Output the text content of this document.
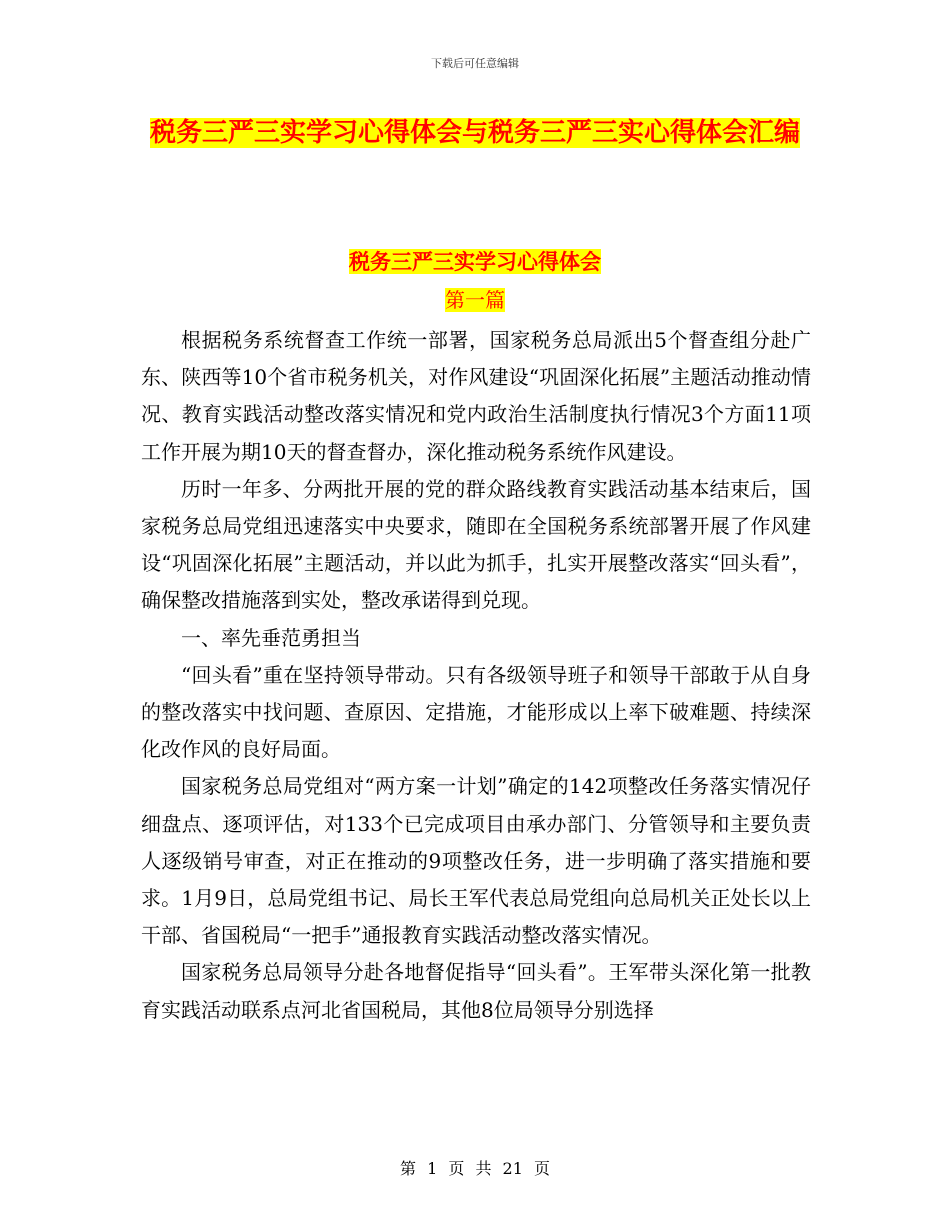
下载后可任意编辑
税务三严三实学习心得体会与税务三严三实心得体会汇编
税务三严三实学习心得体会
第一篇

根据税务系统督查工作统一部署，国家税务总局派出5个督查组分赴广东、陕西等10个省市税务机关，对作风建设“巩固深化拓展”主题活动推动情况、教育实践活动整改落实情况和党内政治生活制度执行情况3个方面11项工作开展为期10天的督查督办，深化推动税务系统作风建设。

历时一年多、分两批开展的党的群众路线教育实践活动基本结束后，国家税务总局党组迅速落实中央要求，随即在全国税务系统部署开展了作风建设“巩固深化拓展”主题活动，并以此为抓手，扎实开展整改落实“回头看”，确保整改措施落到实处，整改承诺得到兑现。

一、率先垂范勇担当

“回头看”重在坚持领导带动。只有各级领导班子和领导干部敢于从自身的整改落实中找问题、查原因、定措施，才能形成以上率下破难题、持续深化改作风的良好局面。

国家税务总局党组对“两方案一计划”确定的142项整改任务落实情况仔细盘点、逐项评估，对133个已完成项目由承办部门、分管领导和主要负责人逐级销号审查，对正在推动的9项整改任务，进一步明确了落实措施和要求。1月9日，总局党组书记、局长王军代表总局党组向总局机关正处长以上干部、省国税局“一把手”通报教育实践活动整改落实情况。

国家税务总局领导分赴各地督促指导“回头看”。王军带头深化第一批教育实践活动联系点河北省国税局，其他8位局领导分别选择

第 1 页 共 21 页
